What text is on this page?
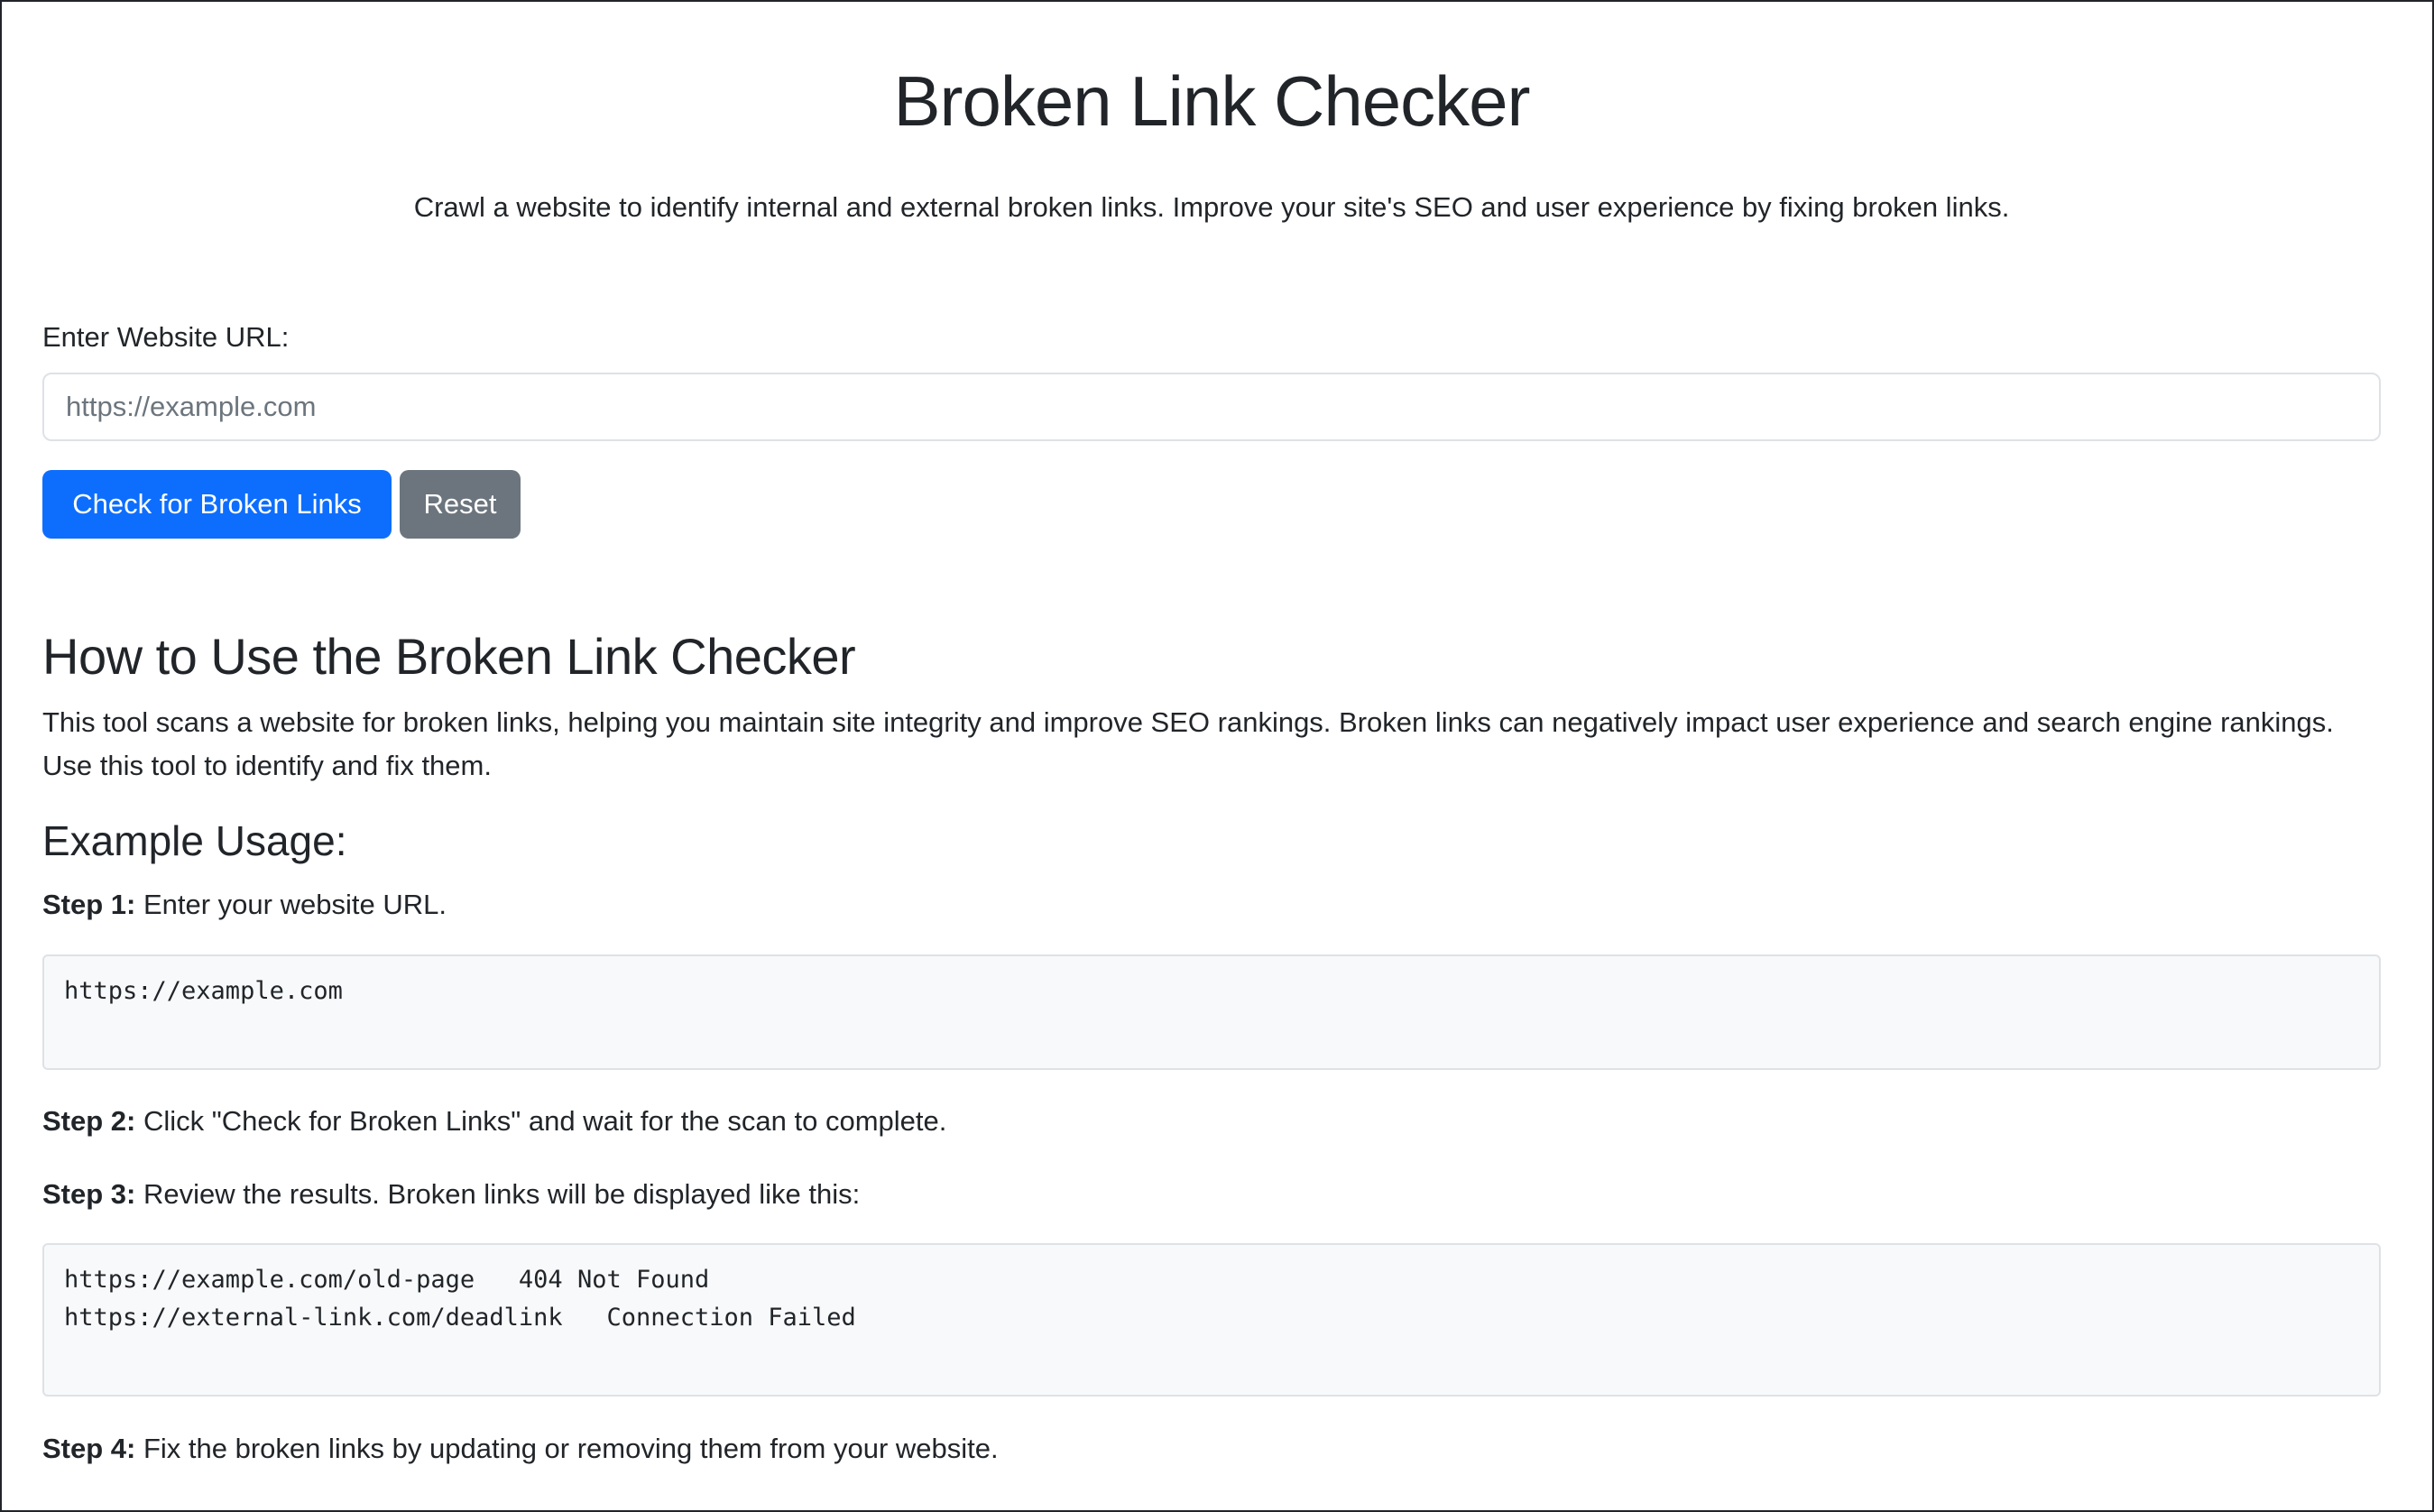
Broken Link Checker

Crawl a website to identify internal and external broken links. Improve your site's SEO and user experience by fixing broken links.

Enter Website URL:
https://example.com
Check for Broken Links	Reset
How to Use the Broken Link Checker

This tool scans a website for broken links, helping you maintain site integrity and improve SEO rankings. Broken links can negatively impact user experience and search engine rankings. Use this tool to identify and fix them.

Example Usage:

Step 1: Enter your website URL.

https://example.com

Step 2: Click "Check for Broken Links" and wait for the scan to complete.

Step 3: Review the results. Broken links will be displayed like this:

https://example.com/old-page   404 Not Found
https://external-link.com/deadlink   Connection Failed

Step 4: Fix the broken links by updating or removing them from your website.
